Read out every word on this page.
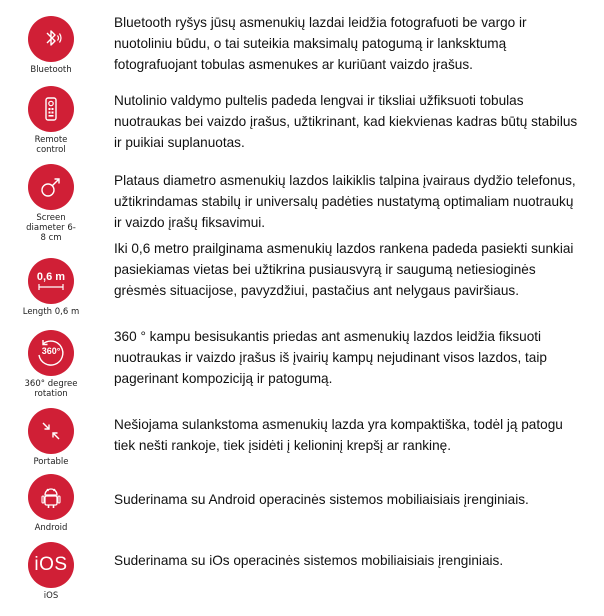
Bluetooth
Bluetooth ryšys jūsų asmenukių lazdai leidžia fotografuoti be vargo ir nuotoliniu būdu, o tai suteikia maksimalų patogumą ir lanksktumą fotografuojant tobulas asmenukes ar kuriūant vaizdo įrašus.
Remote control
Nutolinio valdymo pultelis padeda lengvai ir tiksliai užfiksuoti tobulas nuotraukas bei vaizdo įrašus, užtikrinant, kad kiekvienas kadras būtų stabilus ir puikiai suplanuotas.
Screen diameter 6-8 cm
Plataus diametro asmenukių lazdos laikiklis talpina įvairaus dydžio telefonus, užtikrindamas stabilų ir universalų padėties nustatymą optimaliam nuotraukų ir vaizdo įrašų fiksavimui.
0,6 m
Length 0,6 m
Iki 0,6 metro prailginama asmenukių lazdos rankena padeda pasiekti sunkiai pasiekiamas vietas bei užtikrina pusiausvyrą ir saugumą netiesioginės grėsmės situacijose, pavyzdžiui, pastačius ant nelygaus paviršiaus.
360°
360° degree rotation
360 ° kampu besisukantis priedas ant asmenukių lazdos leidžia fiksuoti nuotraukas ir vaizdo įrašus iš įvairių kampų nejudinant visos lazdos, taip pagerinant kompoziciją ir patogumą.
Portable
Nešiojama sulankstoma asmenukių lazda yra kompaktiška, todėl ją patogu tiek nešti rankoje, tiek įsidėti į kelioninį krepšį ar rankinę.
Android
Suderinama su Android operacinės sistemos mobiliaisiais įrenginiais.
iOS
iOS
Suderinama su iOs operacinės sistemos mobiliaisiais įrenginiais.
